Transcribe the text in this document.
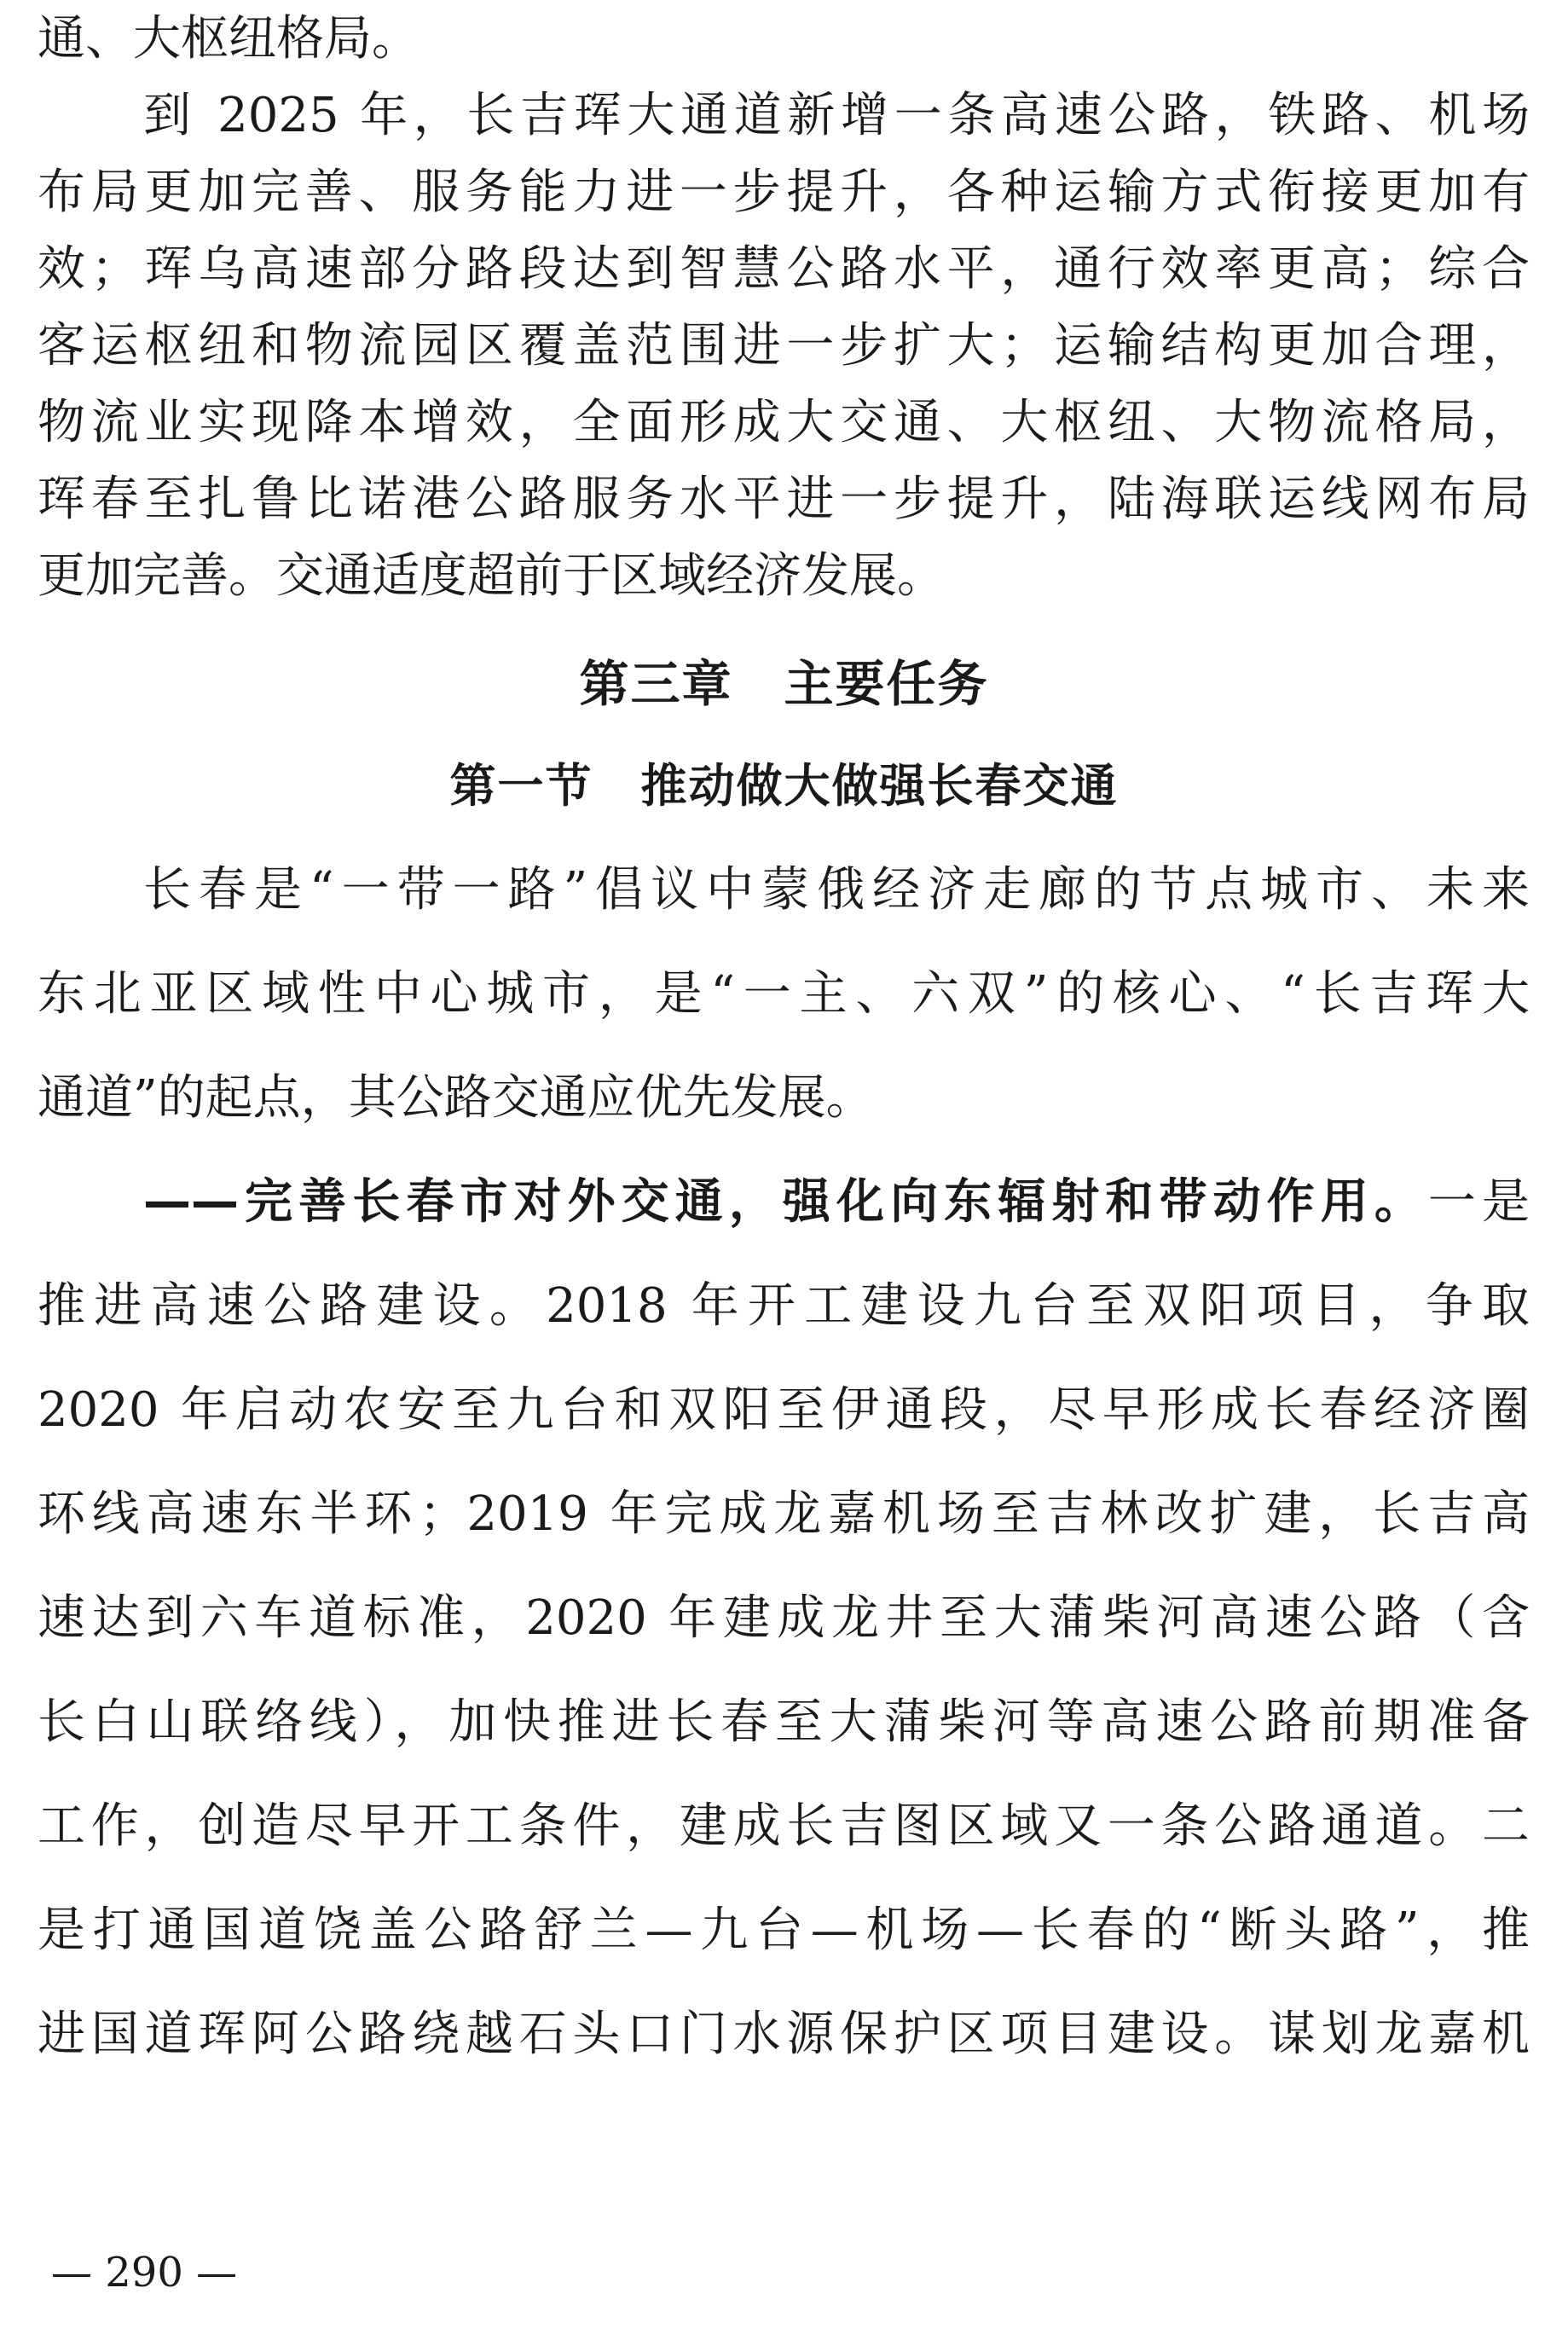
通、大枢纽格局。
到 2025 年，长吉珲大通道新增一条高速公路，铁路、机场
布局更加完善、服务能力进一步提升，各种运输方式衔接更加有
效；珲乌高速部分路段达到智慧公路水平，通行效率更高；综合
客运枢纽和物流园区覆盖范围进一步扩大；运输结构更加合理，
物流业实现降本增效，全面形成大交通、大枢纽、大物流格局，
珲春至扎鲁比诺港公路服务水平进一步提升，陆海联运线网布局
更加完善。交通适度超前于区域经济发展。
第三章　主要任务
第一节　推动做大做强长春交通
长春是“一带一路”倡议中蒙俄经济走廊的节点城市、未来
东北亚区域性中心城市，是“一主、六双”的核心、“长吉珲大
通道”的起点，其公路交通应优先发展。
——完善长春市对外交通，强化向东辐射和带动作用。一是
推进高速公路建设。2018 年开工建设九台至双阳项目，争取
2020 年启动农安至九台和双阳至伊通段，尽早形成长春经济圈
环线高速东半环；2019 年完成龙嘉机场至吉林改扩建，长吉高
速达到六车道标准，2020 年建成龙井至大蒲柴河高速公路（含
长白山联络线），加快推进长春至大蒲柴河等高速公路前期准备
工作，创造尽早开工条件，建成长吉图区域又一条公路通道。二
是打通国道饶盖公路舒兰—九台—机场—长春的“断头路”，推
进国道珲阿公路绕越石头口门水源保护区项目建设。谋划龙嘉机
— 290 —
